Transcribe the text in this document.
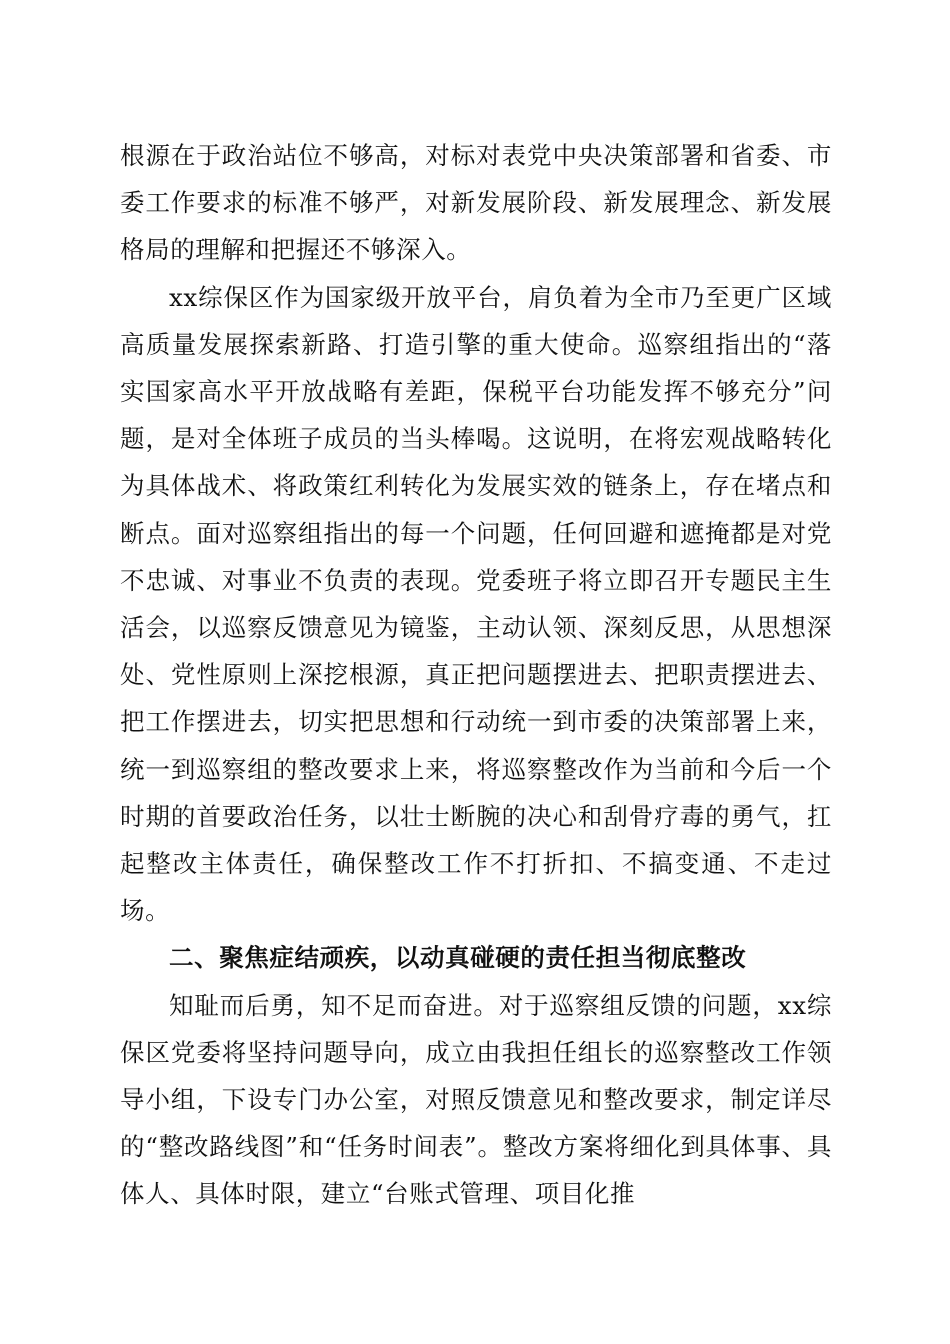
根源在于政治站位不够高，对标对表党中央决策部署和省委、市委工作要求的标准不够严，对新发展阶段、新发展理念、新发展格局的理解和把握还不够深入。

xx综保区作为国家级开放平台，肩负着为全市乃至更广区域高质量发展探索新路、打造引擎的重大使命。巡察组指出的“落实国家高水平开放战略有差距，保税平台功能发挥不够充分”问题，是对全体班子成员的当头棒喝。这说明，在将宏观战略转化为具体战术、将政策红利转化为发展实效的链条上，存在堵点和断点。面对巡察组指出的每一个问题，任何回避和遮掩都是对党不忠诚、对事业不负责的表现。党委班子将立即召开专题民主生活会，以巡察反馈意见为镜鉴，主动认领、深刻反思，从思想深处、党性原则上深挖根源，真正把问题摆进去、把职责摆进去、把工作摆进去，切实把思想和行动统一到市委的决策部署上来，统一到巡察组的整改要求上来，将巡察整改作为当前和今后一个时期的首要政治任务，以壮士断腕的决心和刮骨疗毒的勇气，扛起整改主体责任，确保整改工作不打折扣、不搞变通、不走过场。

二、聚焦症结顽疾，以动真碰硬的责任担当彻底整改

知耻而后勇，知不足而奋进。对于巡察组反馈的问题，xx综保区党委将坚持问题导向，成立由我担任组长的巡察整改工作领导小组，下设专门办公室，对照反馈意见和整改要求，制定详尽的“整改路线图”和“任务时间表”。整改方案将细化到具体事、具体人、具体时限，建立“台账式管理、项目化推
